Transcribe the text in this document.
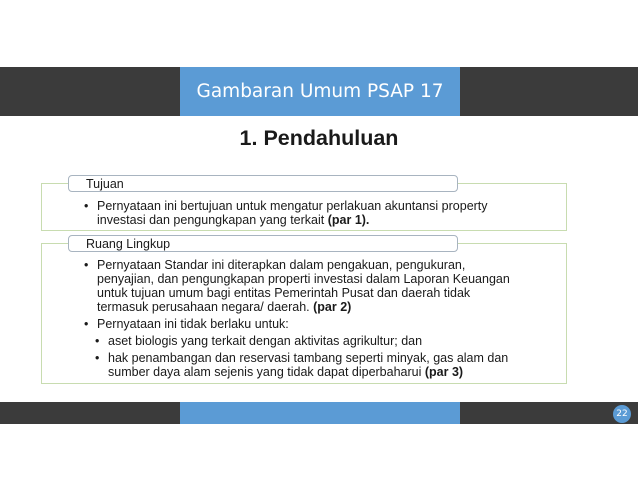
Gambaran Umum PSAP 17
1. Pendahuluan
• Pernyataan ini bertujuan untuk mengatur perlakuan akuntansi property
investasi dan pengungkapan yang terkait (par 1).
Tujuan
• Pernyataan Standar ini diterapkan dalam pengakuan, pengukuran,
penyajian, dan pengungkapan properti investasi dalam Laporan Keuangan
untuk tujuan umum bagi entitas Pemerintah Pusat dan daerah tidak
termasuk perusahaan negara/ daerah. (par 2)
• Pernyataan ini tidak berlaku untuk:
• aset biologis yang terkait dengan aktivitas agrikultur; dan
• hak penambangan dan reservasi tambang seperti minyak, gas alam dan
sumber daya alam sejenis yang tidak dapat diperbaharui (par 3)
Ruang Lingkup
22
